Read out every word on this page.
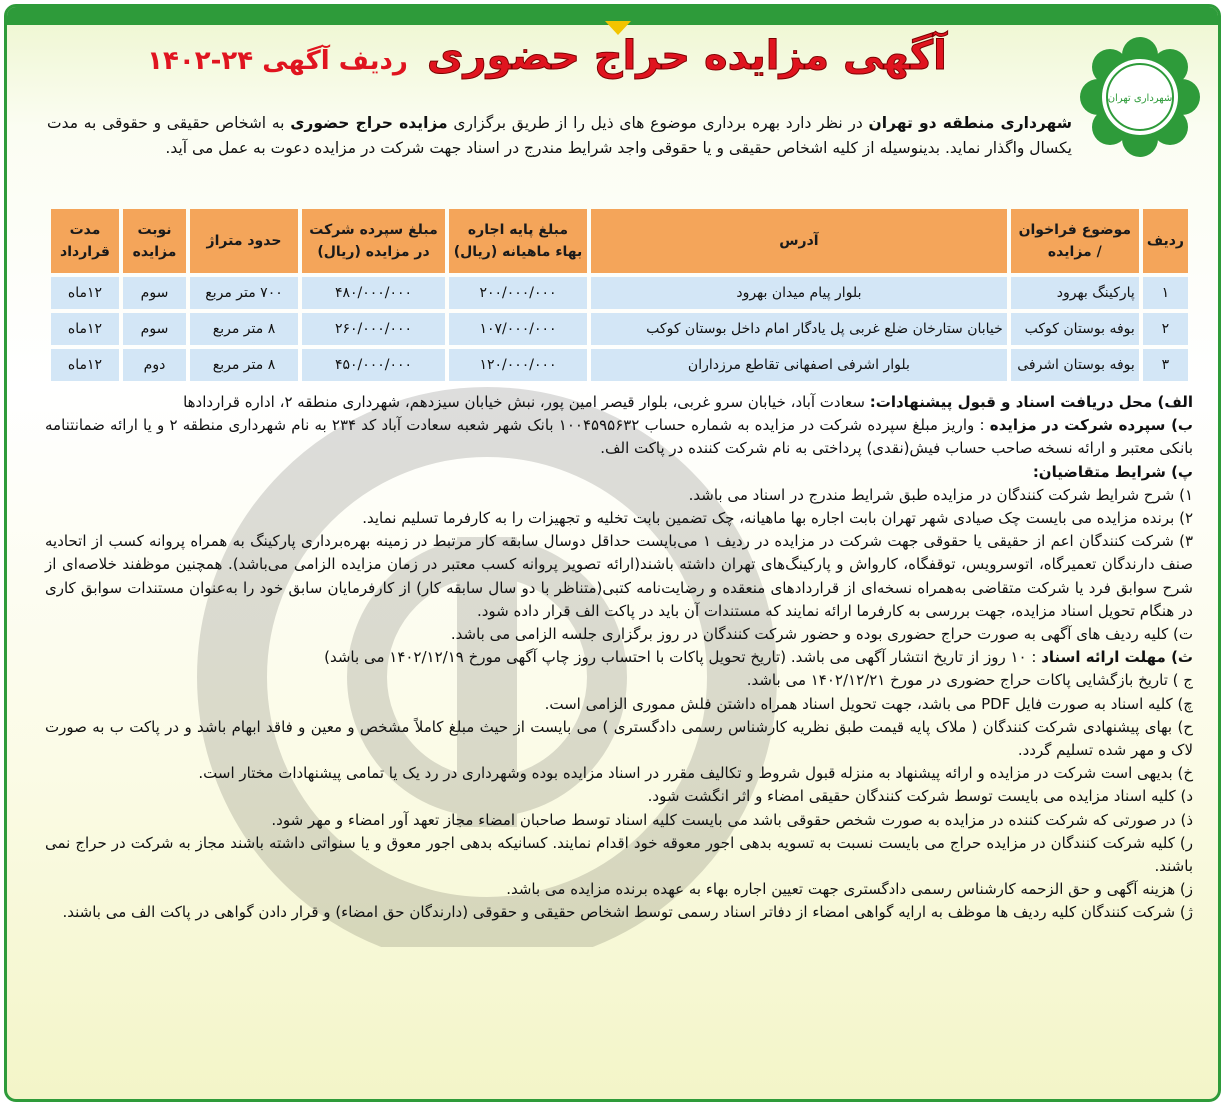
شهرداری تهران
آگهی مزایده حراج حضوری ردیف آگهی ۲۴-۱۴۰۲
شهرداری منطقه دو تهران در نظر دارد بهره برداری موضوع های ذیل را از طریق برگزاری مزایده حراج حضوری به اشخاص حقیقی و حقوقی به مدت یکسال واگذار نماید. بدینوسیله از کلیه اشخاص حقیقی و یا حقوقی واجد شرایط مندرج در اسناد جهت شرکت در مزایده دعوت به عمل می آید.
ردیف	موضوع فراخوان / مزایده	آدرس	مبلغ پایه اجاره بهاء ماهیانه (ریال)	مبلغ سپرده شرکت در مزایده (ریال)	حدود متراژ	نوبت مزایده	مدت قرارداد
۱	پارکینگ بهرود	بلوار پیام میدان بهرود	۲۰۰/۰۰۰/۰۰۰	۴۸۰/۰۰۰/۰۰۰	۷۰۰ متر مربع	سوم	۱۲ماه
۲	بوفه بوستان کوکب	خیابان ستارخان ضلع غربی پل یادگار امام داخل بوستان کوکب	۱۰۷/۰۰۰/۰۰۰	۲۶۰/۰۰۰/۰۰۰	۸ متر مربع	سوم	۱۲ماه
۳	بوفه بوستان اشرفی	بلوار اشرفی اصفهانی تقاطع مرزداران	۱۲۰/۰۰۰/۰۰۰	۴۵۰/۰۰۰/۰۰۰	۸ متر مربع	دوم	۱۲ماه

الف) محل دریافت اسناد و قبول پیشنهادات: سعادت آباد، خیابان سرو غربی، بلوار قیصر امین پور، نبش خیابان سیزدهم، شهرداری منطقه ۲، اداره قراردادها

ب) سپرده شرکت در مزایده : واریز مبلغ سپرده شرکت در مزایده به شماره حساب ۱۰۰۴۵۹۵۶۳۲ بانک شهر شعبه سعادت آباد کد ۲۳۴ به نام شهرداری منطقه ۲ و یا ارائه ضمانتنامه بانکی معتبر و ارائه نسخه صاحب حساب فیش(نقدی) پرداختی به نام شرکت کننده در پاکت الف.

پ) شرایط متقاضیان:

۱) شرح شرایط شرکت کنندگان در مزایده طبق شرایط مندرج در اسناد می باشد.

۲) برنده مزایده می بایست چک صیادی شهر تهران بابت اجاره بها ماهیانه، چک تضمین بابت تخلیه و تجهیزات را به کارفرما تسلیم نماید.

۳) شرکت کنندگان اعم از حقیقی یا حقوقی جهت شرکت در مزایده در ردیف ۱ می‌بایست حداقل دوسال سابقه کار مرتبط در زمینه بهره‌برداری پارکینگ به همراه پروانه کسب از اتحادیه صنف دارندگان تعمیرگاه، اتوسرویس، توقفگاه، کارواش و پارکینگ‌های تهران داشته باشند(ارائه تصویر پروانه کسب معتبر در زمان مزایده الزامی می‌باشد). همچنین موظفند خلاصه‌ای از شرح سوابق فرد یا شرکت متقاضی به‌همراه نسخه‌ای از قراردادهای منعقده و رضایت‌نامه کتبی(متناظر با دو سال سابقه کار) از کارفرمایان سابق خود را به‌عنوان مستندات سوابق کاری در هنگام تحویل اسناد مزایده، جهت بررسی به کارفرما ارائه نمایند که مستندات آن باید در پاکت الف قرار داده شود.

ت) کلیه ردیف های آگهی به صورت حراج حضوری بوده و حضور شرکت کنندگان در روز برگزاری جلسه الزامی می باشد.

ث) مهلت ارائه اسناد : ۱۰ روز از تاریخ انتشار آگهی می باشد. (تاریخ تحویل پاکات با احتساب روز چاپ آگهی مورخ ۱۴۰۲/۱۲/۱۹ می باشد)

ج ) تاریخ بازگشایی پاکات حراج حضوری در مورخ ۱۴۰۲/۱۲/۲۱ می باشد.

چ) کلیه اسناد به صورت فایل PDF می باشد، جهت تحویل اسناد همراه داشتن فلش مموری الزامی است.

ح) بهای پیشنهادی شرکت کنندگان ( ملاک پایه قیمت طبق نظریه کارشناس رسمی دادگستری ) می بایست از حیث مبلغ کاملاً مشخص و معین و فاقد ابهام باشد و در پاکت ب به صورت لاک و مهر شده تسلیم گردد.

خ) بدیهی است شرکت در مزایده و ارائه پیشنهاد به منزله قبول شروط و تکالیف مقرر در اسناد مزایده بوده وشهرداری در رد یک یا تمامی پیشنهادات مختار است.

د) کلیه اسناد مزایده می بایست توسط شرکت کنندگان حقیقی امضاء و اثر انگشت شود.

ذ) در صورتی که شرکت کننده در مزایده به صورت شخص حقوقی باشد می بایست کلیه اسناد توسط صاحبان امضاء مجاز تعهد آور امضاء و مهر شود.

ر) کلیه شرکت کنندگان در مزایده حراج می بایست نسبت به تسویه بدهی اجور معوقه خود اقدام نمایند. کسانیکه بدهی اجور معوق و یا سنواتی داشته باشند مجاز به شرکت در حراج نمی باشند.

ز) هزینه آگهی و حق الزحمه کارشناس رسمی دادگستری جهت تعیین اجاره بهاء به عهده برنده مزایده می باشد.

ژ) شرکت کنندگان کلیه ردیف ها موظف به ارایه گواهی امضاء از دفاتر اسناد رسمی توسط اشخاص حقیقی و حقوقی (دارندگان حق امضاء) و قرار دادن گواهی در پاکت الف می باشند.
